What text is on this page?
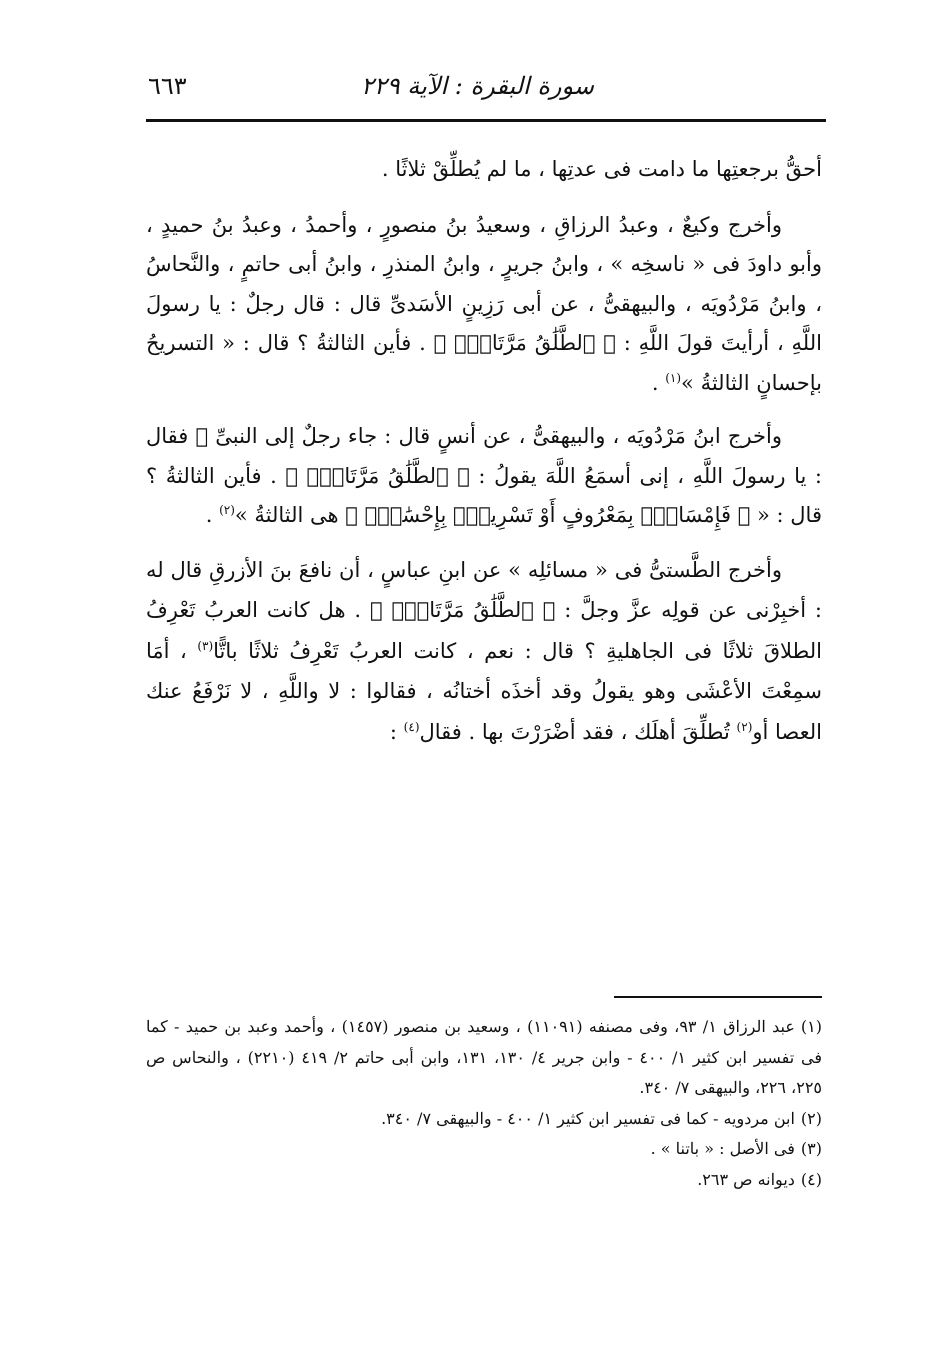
سورة البقرة : الآية ٢٢٩
٦٦٣

أحقُّ برجعتِها ما دامت فى عدتِها ، ما لم يُطلِّقْ ثلاثًا .

وأخرج وكيعٌ ، وعبدُ الرزاقِ ، وسعيدُ بنُ منصورٍ ، وأحمدُ ، وعبدُ بنُ حميدٍ ، وأبو داودَ فى « ناسخِه » ، وابنُ جريرٍ ، وابنُ المنذرِ ، وابنُ أبى حاتمٍ ، والنَّحاسُ ، وابنُ مَرْدُويَه ، والبيهقىُّ ، عن أبى رَزِينٍ الأسَدىِّ قال : قال رجلٌ : يا رسولَ اللَّهِ ، أرأيتَ قولَ اللَّهِ : ﴿ ٱلطَّلَٰقُ مَرَّتَانِۖ ﴾ . فأين الثالثةُ ؟ قال : « التسريحُ بإحسانٍ الثالثةُ »$^{(١)}$ .

وأخرج ابنُ مَرْدُويَه ، والبيهقىُّ ، عن أنسٍ قال : جاء رجلٌ إلى النبىِّ ﷺ فقال : يا رسولَ اللَّهِ ، إنى أسمَعُ اللَّهَ يقولُ : ﴿ ٱلطَّلَٰقُ مَرَّتَانِۖ ﴾ . فأين الثالثةُ ؟ قال : « ﴿ فَإِمْسَاكُۢ بِمَعْرُوفٍ أَوْ تَسْرِيحُۢ بِإِحْسَٰنٍۗ ﴾ هى الثالثةُ »$^{(٢)}$ .

وأخرج الطَّستىُّ فى « مسائلِه » عن ابنِ عباسٍ ، أن نافعَ بنَ الأزرقِ قال له : أخبِرْنى عن قولِه عزَّ وجلَّ : ﴿ ٱلطَّلَٰقُ مَرَّتَانِۖ ﴾ . هل كانت العربُ تَعْرِفُ الطلاقَ ثلاثًا فى الجاهليةِ ؟ قال : نعم ، كانت العربُ تَعْرِفُ ثلاثًا باتًّا$^{(٣)}$ ، أمَا سمِعْتَ الأعْشَى وهو يقولُ وقد أخذَه أختانُه ، فقالوا : لا واللَّهِ ، لا نَرْفَعُ عنك العصا أو$^{(٢)}$ تُطلِّقَ أهلَك ، فقد أضْرَرْتَ بها . فقال$^{(٤)}$ :

(١)عبد الرزاق ١/ ٩٣، وفى مصنفه (١١٠٩١) ، وسعيد بن منصور (١٤٥٧) ، وأحمد وعبد بن حميد - كما فى تفسير ابن كثير ١/ ٤٠٠ - وابن جرير ٤/ ١٣٠، ١٣١، وابن أبى حاتم ٢/ ٤١٩ (٢٢١٠) ، والنحاس ص ٢٢٥، ٢٢٦، والبيهقى ٧/ ٣٤٠.

(٢)ابن مردويه - كما فى تفسير ابن كثير ١/ ٤٠٠ - والبيهقى ٧/ ٣٤٠.

(٣)فى الأصل : « باتنا » .

(٤)ديوانه ص ٢٦٣.
